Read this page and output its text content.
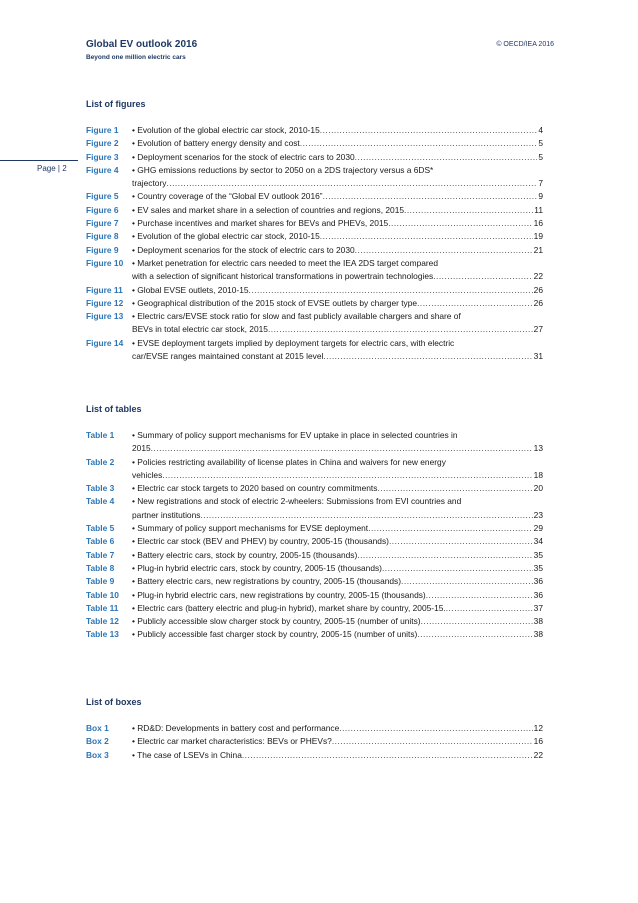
Global EV outlook 2016
Beyond one million electric cars
© OECD/IEA 2016
Page | 2
List of figures
Figure 1	• Evolution of the global electric car stock, 2010-15 .....	4
Figure 2	• Evolution of battery energy density and cost .....	5
Figure 3	• Deployment scenarios for the stock of electric cars to 2030 .....	5
Figure 4	• GHG emissions reductions by sector to 2050 on a 2DS trajectory versus a 6DS*
trajectory .....	7
Figure 5	• Country coverage of the “Global EV outlook 2016” .....	9
Figure 6	• EV sales and market share in a selection of countries and regions, 2015 .....	11
Figure 7	• Purchase incentives and market shares for BEVs and PHEVs, 2015 .....	16
Figure 8	• Evolution of the global electric car stock, 2010-15 .....	19
Figure 9	• Deployment scenarios for the stock of electric cars to 2030 .....	21
Figure 10	• Market penetration for electric cars needed to meet the IEA 2DS target compared
with a selection of significant historical transformations in powertrain technologies .....	22
Figure 11	• Global EVSE outlets, 2010-15 .....	26
Figure 12	• Geographical distribution of the 2015 stock of EVSE outlets by charger type .....	26
Figure 13	• Electric cars/EVSE stock ratio for slow and fast publicly available chargers and share of
BEVs in total electric car stock, 2015 .....	27
Figure 14	• EVSE deployment targets implied by deployment targets for electric cars, with electric
car/EVSE ranges maintained constant at 2015 level .....	31
List of tables
Table 1	• Summary of policy support mechanisms for EV uptake in place in selected countries in
2015 .....	13
Table 2	• Policies restricting availability of license plates in China and waivers for new energy
vehicles .....	18
Table 3	• Electric car stock targets to 2020 based on country commitments .....	20
Table 4	• New registrations and stock of electric 2-wheelers: Submissions from EVI countries and
partner institutions .....	23
Table 5	• Summary of policy support mechanisms for EVSE deployment .....	29
Table 6	• Electric car stock (BEV and PHEV) by country, 2005-15 (thousands) .....	34
Table 7	• Battery electric cars, stock by country, 2005-15 (thousands) .....	35
Table 8	• Plug-in hybrid electric cars, stock by country, 2005-15 (thousands) .....	35
Table 9	• Battery electric cars, new registrations by country, 2005-15 (thousands) .....	36
Table 10	• Plug-in hybrid electric cars, new registrations by country, 2005-15 (thousands) .....	36
Table 11	• Electric cars (battery electric and plug-in hybrid), market share by country, 2005-15. .....	37
Table 12	• Publicly accessible slow charger stock by country, 2005-15 (number of units) .....	38
Table 13	• Publicly accessible fast charger stock by country, 2005-15 (number of units) .....	38
List of boxes
Box 1	• RD&D: Developments in battery cost and performance .....	12
Box 2	• Electric car market characteristics: BEVs or PHEVs? .....	16
Box 3	• The case of LSEVs in China .....	22
